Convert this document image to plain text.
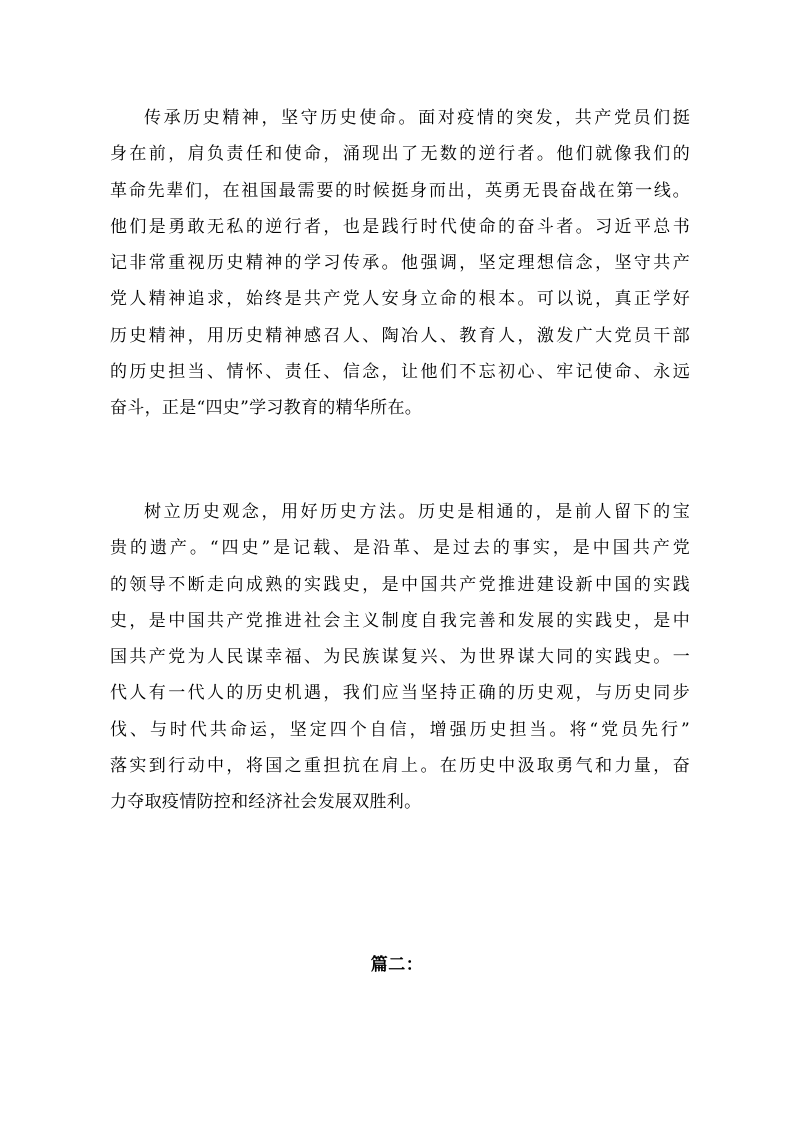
传承历史精神，坚守历史使命。面对疫情的突发，共产党员们挺
身在前，肩负责任和使命，涌现出了无数的逆行者。他们就像我们的
革命先辈们，在祖国最需要的时候挺身而出，英勇无畏奋战在第一线。
他们是勇敢无私的逆行者，也是践行时代使命的奋斗者。习近平总书
记非常重视历史精神的学习传承。他强调，坚定理想信念，坚守共产
党人精神追求，始终是共产党人安身立命的根本。可以说，真正学好
历史精神，用历史精神感召人、陶冶人、教育人，激发广大党员干部
的历史担当、情怀、责任、信念，让他们不忘初心、牢记使命、永远
奋斗，正是“四史”学习教育的精华所在。
树立历史观念，用好历史方法。历史是相通的，是前人留下的宝
贵的遗产。“四史”是记载、是沿革、是过去的事实，是中国共产党
的领导不断走向成熟的实践史，是中国共产党推进建设新中国的实践
史，是中国共产党推进社会主义制度自我完善和发展的实践史，是中
国共产党为人民谋幸福、为民族谋复兴、为世界谋大同的实践史。一
代人有一代人的历史机遇，我们应当坚持正确的历史观，与历史同步
伐、与时代共命运，坚定四个自信，增强历史担当。将“党员先行”
落实到行动中，将国之重担抗在肩上。在历史中汲取勇气和力量，奋
力夺取疫情防控和经济社会发展双胜利。
篇二：
